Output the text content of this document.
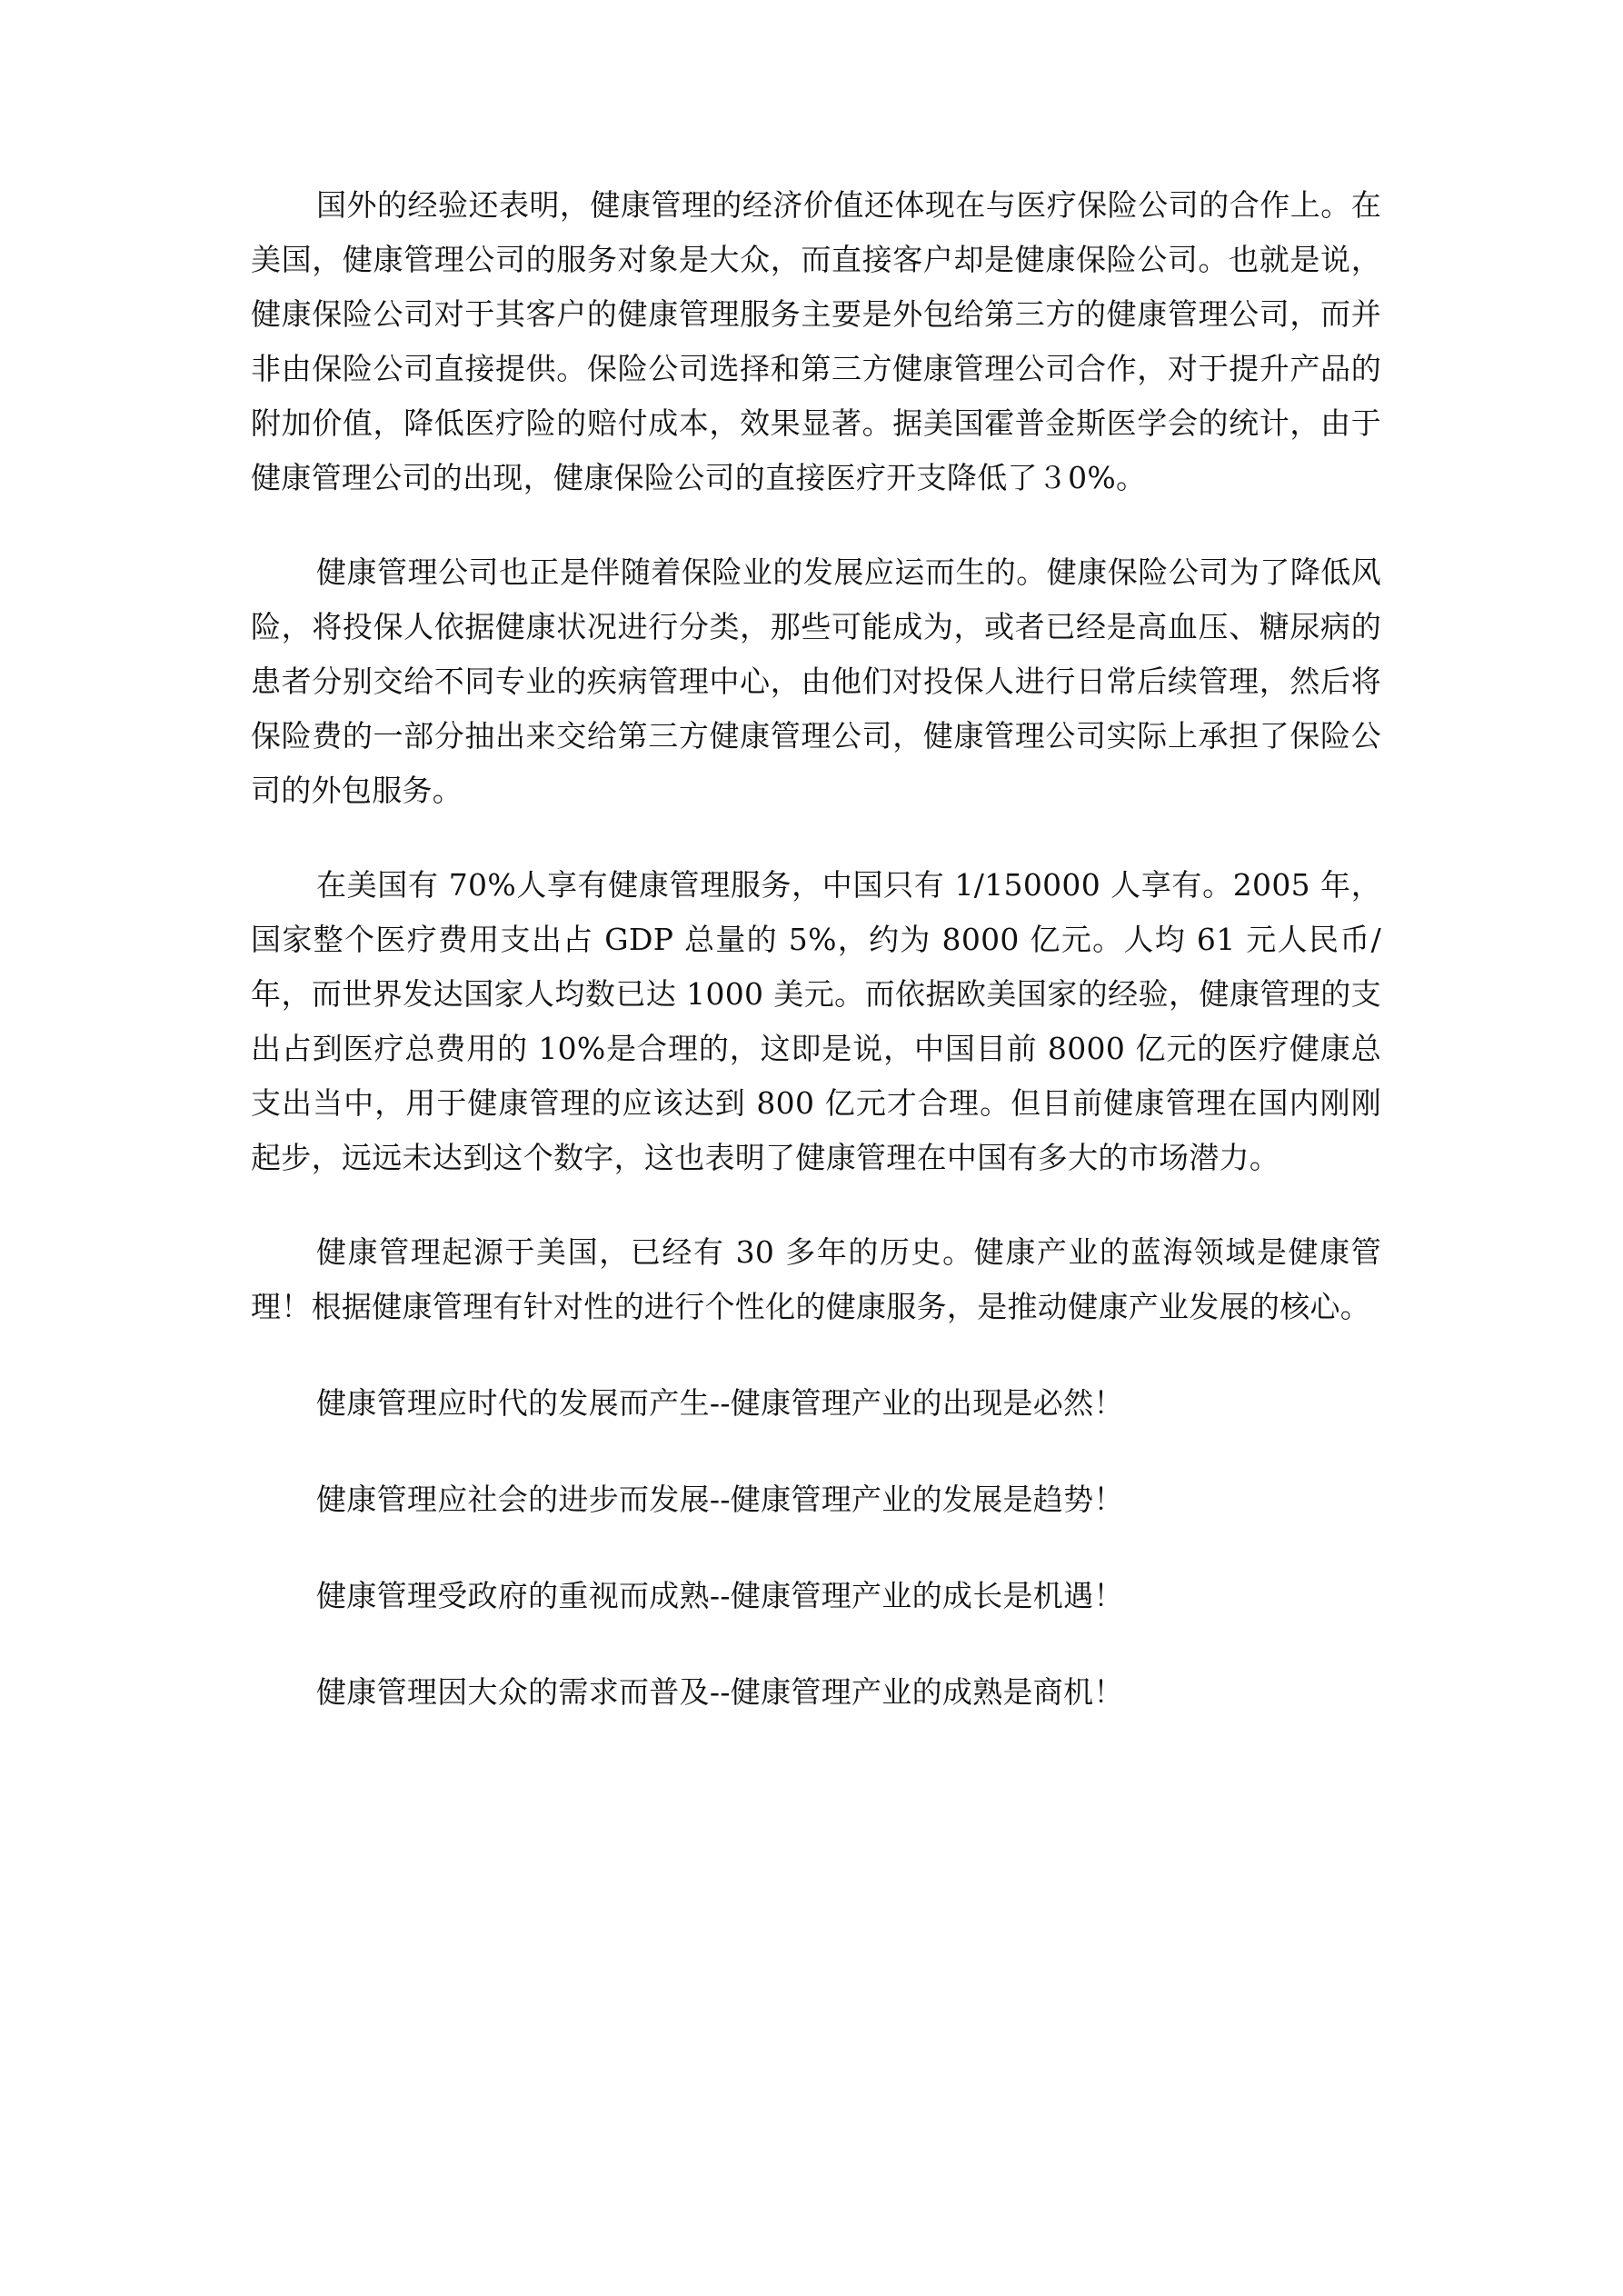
国外的经验还表明，健康管理的经济价值还体现在与医疗保险公司的合作上。在美国，健康管理公司的服务对象是大众，而直接客户却是健康保险公司。也就是说，健康保险公司对于其客户的健康管理服务主要是外包给第三方的健康管理公司，而并非由保险公司直接提供。保险公司选择和第三方健康管理公司合作，对于提升产品的附加价值，降低医疗险的赔付成本，效果显著。据美国霍普金斯医学会的统计，由于健康管理公司的出现，健康保险公司的直接医疗开支降低了３0%。

健康管理公司也正是伴随着保险业的发展应运而生的。健康保险公司为了降低风险，将投保人依据健康状况进行分类，那些可能成为，或者已经是高血压、糖尿病的患者分别交给不同专业的疾病管理中心，由他们对投保人进行日常后续管理，然后将保险费的一部分抽出来交给第三方健康管理公司，健康管理公司实际上承担了保险公司的外包服务。

在美国有 70%人享有健康管理服务，中国只有 1/150000 人享有。2005 年，国家整个医疗费用支出占 GDP 总量的 5%，约为 8000 亿元。人均 61 元人民币/年，而世界发达国家人均数已达 1000 美元。而依据欧美国家的经验，健康管理的支出占到医疗总费用的 10%是合理的，这即是说，中国目前 8000 亿元的医疗健康总支出当中，用于健康管理的应该达到 800 亿元才合理。但目前健康管理在国内刚刚起步，远远未达到这个数字，这也表明了健康管理在中国有多大的市场潜力。

健康管理起源于美国，已经有 30 多年的历史。健康产业的蓝海领域是健康管理！根据健康管理有针对性的进行个性化的健康服务，是推动健康产业发展的核心。

健康管理应时代的发展而产生--健康管理产业的出现是必然！

健康管理应社会的进步而发展--健康管理产业的发展是趋势！

健康管理受政府的重视而成熟--健康管理产业的成长是机遇！

健康管理因大众的需求而普及--健康管理产业的成熟是商机！
